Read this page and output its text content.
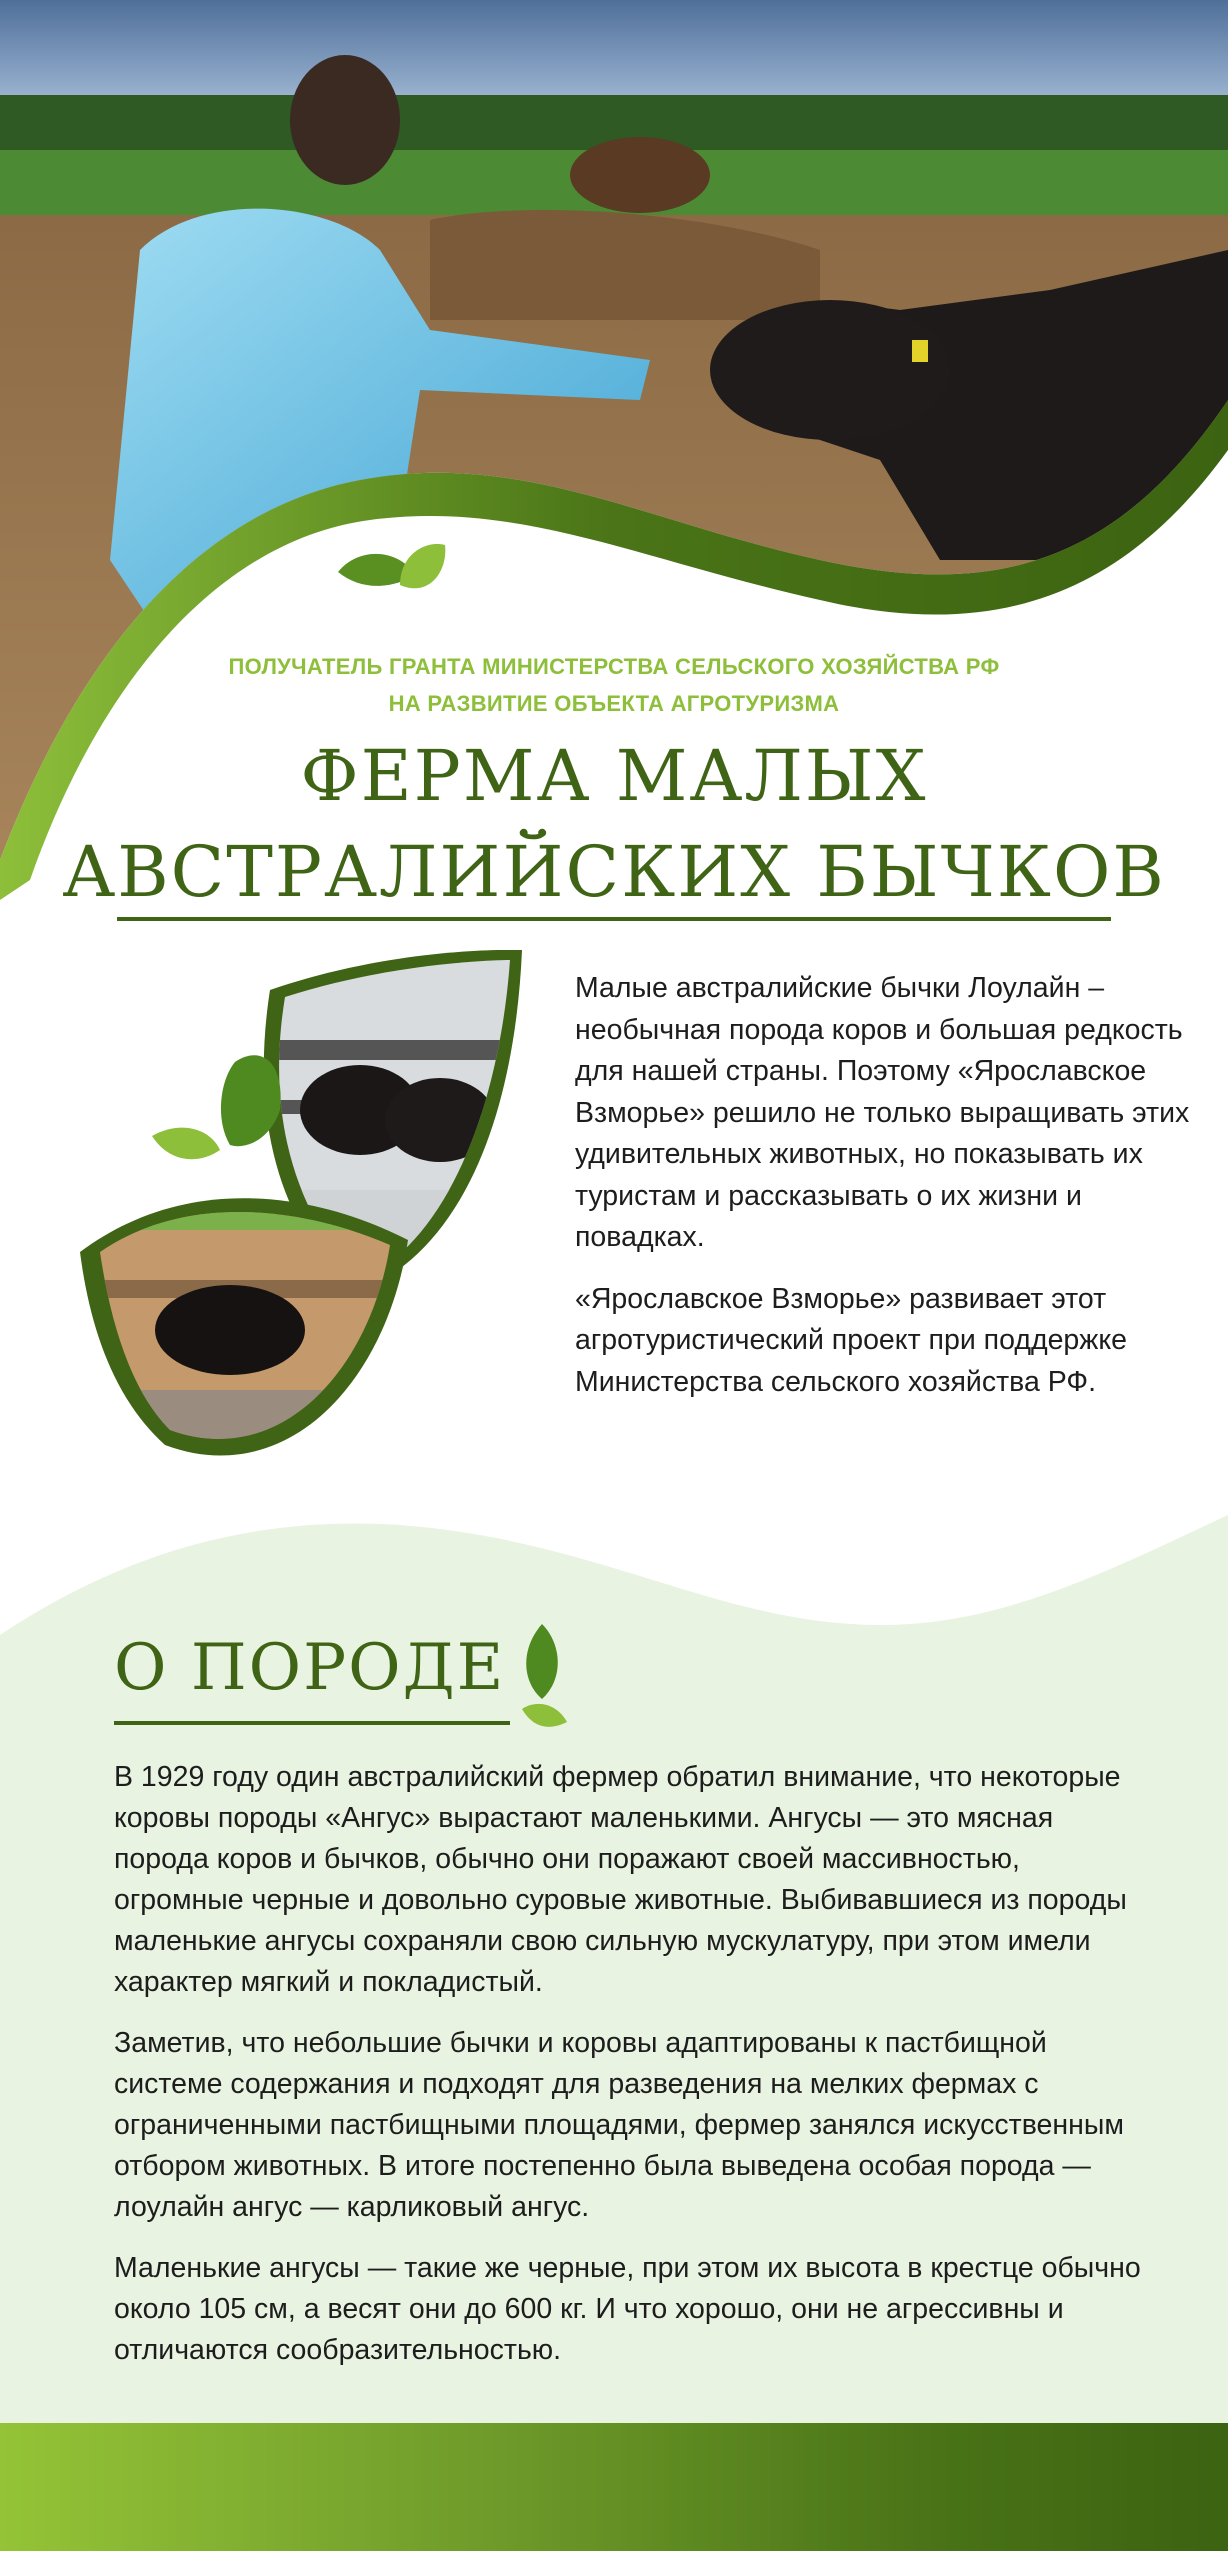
ПОЛУЧАТЕЛЬ ГРАНТА МИНИСТЕРСТВА СЕЛЬСКОГО ХОЗЯЙСТВА РФ
НА РАЗВИТИЕ ОБЪЕКТА АГРОТУРИЗМА
ФЕРМА МАЛЫХ
АВСТРАЛИЙСКИХ БЫЧКОВ

Малые австралийские бычки Лоулайн – необычная порода коров и большая редкость для нашей страны. Поэтому «Ярославское Взморье» решило не только выращивать этих удивительных животных, но показывать их туристам и рассказывать о их жизни и повадках.

«Ярославское Взморье» развивает этот агротуристический проект при поддержке Министерства сельского хозяйства РФ.

О ПОРОДЕ

В 1929 году один австралийский фермер обратил внимание, что некоторые коровы породы «Ангус» вырастают маленькими. Ангусы — это мясная порода коров и бычков, обычно они поражают своей массивностью, огромные черные и довольно суровые животные. Выбивавшиеся из породы маленькие ангусы сохраняли свою сильную мускулатуру, при этом имели характер мягкий и покладистый.

Заметив, что небольшие бычки и коровы адаптированы к пастбищной системе содержания и подходят для разведения на мелких фермах с ограниченными пастбищными площадями, фермер занялся искусственным отбором животных. В итоге постепенно была выведена особая порода — лоулайн ангус — карликовый ангус.

Маленькие ангусы — такие же черные, при этом их высота в крестце обычно около 105 см, а весят они до 600 кг. И что хорошо, они не агрессивны и отличаются сообразительностью.
